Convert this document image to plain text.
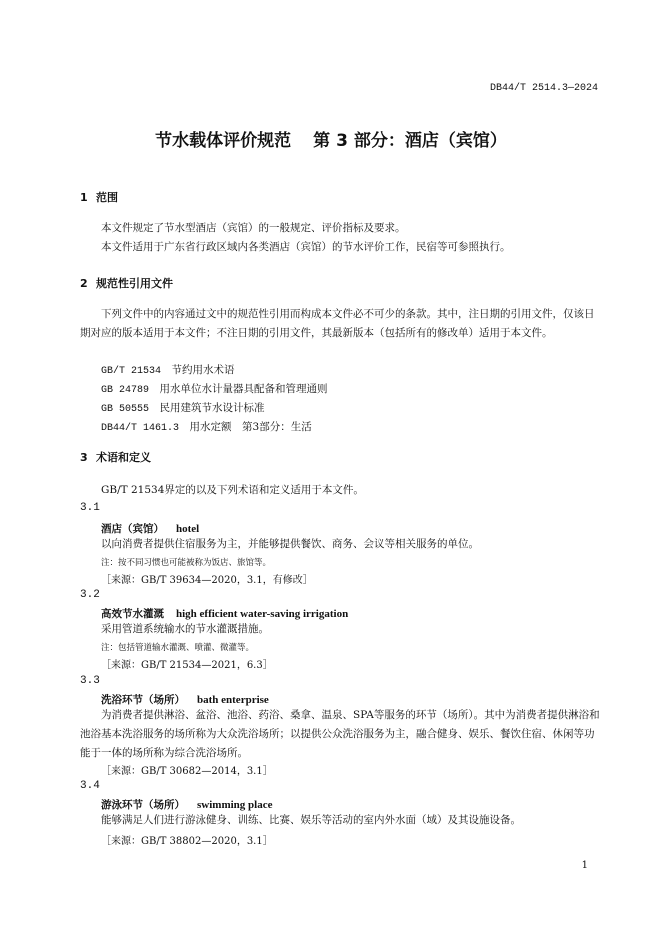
DB44/T 2514.3—2024
节水载体评价规范 第 3 部分：酒店（宾馆）
1 范围
本文件规定了节水型酒店（宾馆）的一般规定、评价指标及要求。
本文件适用于广东省行政区域内各类酒店（宾馆）的节水评价工作，民宿等可参照执行。
2 规范性引用文件
下列文件中的内容通过文中的规范性引用而构成本文件必不可少的条款。其中，注日期的引用文件，仅该日期对应的版本适用于本文件；不注日期的引用文件，其最新版本（包括所有的修改单）适用于本文件。
GB/T 21534　 节约用水术语
GB 24789　 用水单位水计量器具配备和管理通则
GB 50555　 民用建筑节水设计标准
DB44/T 1461.3　 用水定额　第3部分：生活
3 术语和定义
GB/T 21534界定的以及下列术语和定义适用于本文件。
3.1
酒店（宾馆） hotel
以向消费者提供住宿服务为主，并能够提供餐饮、商务、会议等相关服务的单位。
注：按不同习惯也可能被称为饭店、旅馆等。
［来源：GB/T 39634—2020，3.1，有修改］
3.2
高效节水灌溉 high efficient water-saving irrigation
采用管道系统输水的节水灌溉措施。
注：包括管道输水灌溉、喷灌、微灌等。
［来源：GB/T 21534—2021，6.3］
3.3
洗浴环节（场所） bath enterprise
为消费者提供淋浴、盆浴、池浴、药浴、桑拿、温泉、SPA等服务的环节（场所）。其中为消费者提供淋浴和池浴基本洗浴服务的场所称为大众洗浴场所；以提供公众洗浴服务为主，融合健身、娱乐、餐饮住宿、休闲等功能于一体的场所称为综合洗浴场所。
［来源：GB/T 30682—2014，3.1］
3.4
游泳环节（场所） swimming place
能够满足人们进行游泳健身、训练、比赛、娱乐等活动的室内外水面（域）及其设施设备。
［来源：GB/T 38802—2020，3.1］
1
